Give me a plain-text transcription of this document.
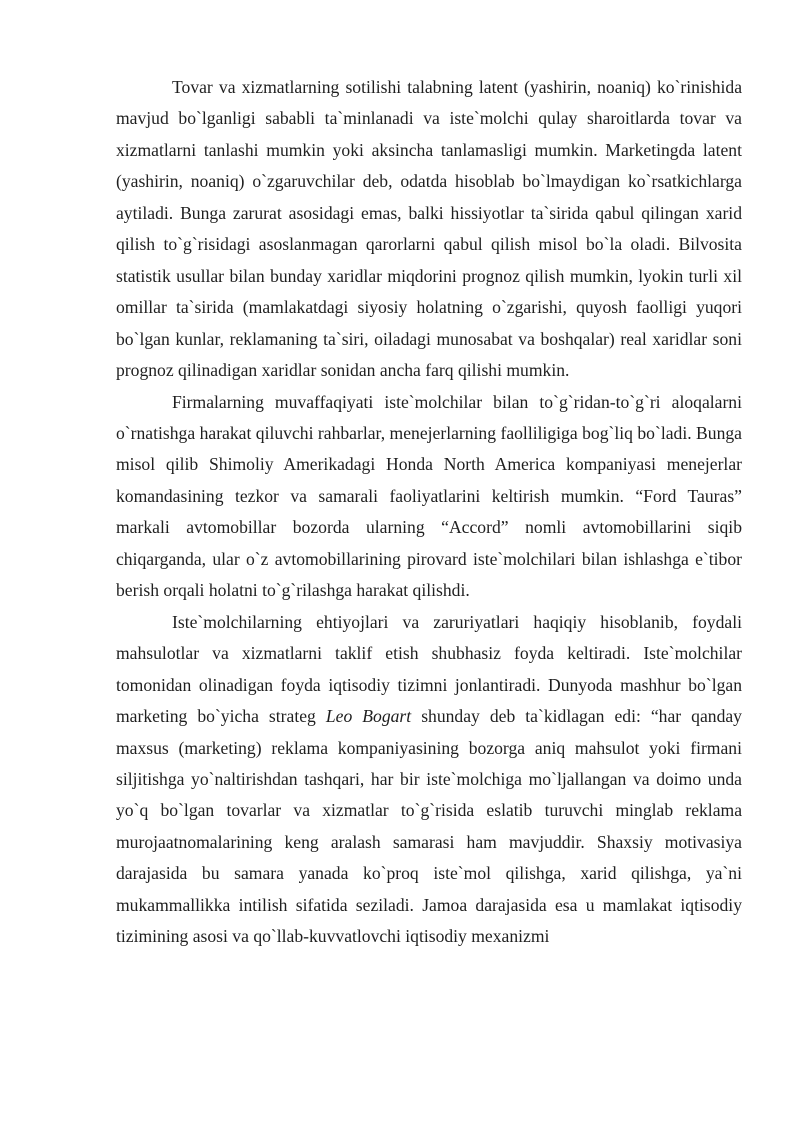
Tovar va xizmatlarning sotilishi talabning latent (yashirin, noaniq) ko`rinishida mavjud bo`lganligi sababli ta`minlanadi va iste`molchi qulay sharoitlarda tovar va xizmatlarni tanlashi mumkin yoki aksincha tanlamasligi mumkin. Marketingda latent (yashirin, noaniq) o`zgaruvchilar deb, odatda hisoblab bo`lmaydigan ko`rsatkichlarga aytiladi. Bunga zarurat asosidagi emas, balki hissiyotlar ta`sirida qabul qilingan xarid qilish to`g`risidagi asoslanmagan qarorlarni qabul qilish misol bo`la oladi. Bilvosita statistik usullar bilan bunday xaridlar miqdorini prognoz qilish mumkin, lyokin turli xil omillar ta`sirida (mamlakatdagi siyosiy holatning o`zgarishi, quyosh faolligi yuqori bo`lgan kunlar, reklamaning ta`siri, oiladagi munosabat va boshqalar) real xaridlar soni prognoz qilinadigan xaridlar sonidan ancha farq qilishi mumkin.

Firmalarning muvaffaqiyati iste`molchilar bilan to`g`ridan-to`g`ri aloqalarni o`rnatishga harakat qiluvchi rahbarlar, menejerlarning faolliligiga bog`liq bo`ladi. Bunga misol qilib Shimoliy Amerikadagi Honda North America kompaniyasi menejerlar komandasining tezkor va samarali faoliyatlarini keltirish mumkin. “Ford Tauras” markali avtomobillar bozorda ularning “Accord” nomli avtomobillarini siqib chiqarganda, ular o`z avtomobillarining pirovard iste`molchilari bilan ishlashga e`tibor berish orqali holatni to`g`rilashga harakat qilishdi.

Iste`molchilarning ehtiyojlari va zaruriyatlari haqiqiy hisoblanib, foydali mahsulotlar va xizmatlarni taklif etish shubhasiz foyda keltiradi. Iste`molchilar tomonidan olinadigan foyda iqtisodiy tizimni jonlantiradi. Dunyoda mashhur bo`lgan marketing bo`yicha strateg Leo Bogart shunday deb ta`kidlagan edi: “har qanday maxsus (marketing) reklama kompaniyasining bozorga aniq mahsulot yoki firmani siljitishga yo`naltirishdan tashqari, har bir iste`molchiga mo`ljallangan va doimo unda yo`q bo`lgan tovarlar va xizmatlar to`g`risida eslatib turuvchi minglab reklama murojaatnomalarining keng aralash samarasi ham mavjuddir. Shaxsiy motivasiya darajasida bu samara yanada ko`proq iste`mol qilishga, xarid qilishga, ya`ni mukammallikka intilish sifatida seziladi. Jamoa darajasida esa u mamlakat iqtisodiy tizimining asosi va qo`llab-kuvvatlovchi iqtisodiy mexanizmi
